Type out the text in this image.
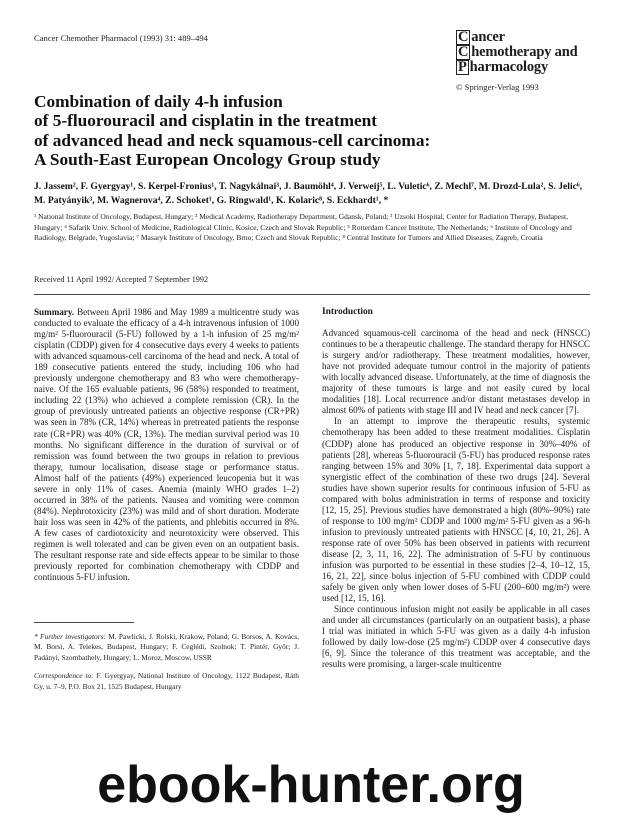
Cancer Chemother Pharmacol (1993) 31: 489–494	C ancer
C hemotherapy and
P harmacology
© Springer-Verlag 1993
Combination of daily 4-h infusion
of 5-fluorouracil and cisplatin in the treatment
of advanced head and neck squamous-cell carcinoma:
A South-East European Oncology Group study
J. Jassem², F. Gyergyay¹, S. Kerpel-Fronius¹, T. Nagykálnai³, J. Baumöhl⁴, J. Verweij⁵, L. Vuletic⁶, Z. Mechl⁷, M. Drozd-Lula², S. Jelic⁶, M. Patyányik³, M. Wagnerova⁴, Z. Schoket¹, G. Ringwald¹, K. Kolaric⁸, S. Eckhardt¹, *
¹ National Institute of Oncology, Budapest, Hungary; ² Medical Academy, Radiotherapy Department, Gdansk, Poland; ³ Uzsoki Hospital, Center for Radiation Therapy, Budapest, Hungary; ⁴ Safarik Univ. School of Medicine, Radiological Clinic, Kosice, Czech and Slovak Republic; ⁵ Rotterdam Cancer Institute, The Netherlands; ⁶ Institute of Oncology and Radiology, Belgrade, Yugoslavia; ⁷ Masaryk Institute of Oncology, Brno; Czech and Slovak Republic; ⁸ Central Institute for Tumors and Allied Diseases, Zagreb, Croatia
Received 11 April 1992/ Accepted 7 September 1992
Summary. Between April 1986 and May 1989 a multicentre study was conducted to evaluate the efficacy of a 4-h intravenous infusion of 1000 mg/m² 5-fluorouracil (5-FU) followed by a 1-h infusion of 25 mg/m² cisplatin (CDDP) given for 4 consecutive days every 4 weeks to patients with advanced squamous-cell carcinoma of the head and neck. A total of 189 consecutive patients entered the study, including 106 who had previously undergone chemotherapy and 83 who were chemotherapy-naive. Of the 165 evaluable patients, 96 (58%) responded to treatment, including 22 (13%) who achieved a complete remission (CR). In the group of previously untreated patients an objective response (CR+PR) was seen in 78% (CR, 14%) whereas in pretreated patients the response rate (CR+PR) was 40% (CR, 13%). The median survival period was 10 months. No significant difference in the duration of survival or of remission was found between the two groups in relation to previous therapy, tumour localisation, disease stage or performance status. Almost half of the patients (49%) experienced leucopenia but it was severe in only 11% of cases. Anemia (mainly WHO grades 1–2) occurred in 38% of the patients. Nausea and vomiting were common (84%). Nephrotoxicity (23%) was mild and of short duration. Moderate hair loss was seen in 42% of the patients, and phlebitis occurred in 8%. A few cases of cardiotoxicity and neurotoxicity were observed. This regimen is well tolerated and can be given even on an outpatient basis. The resultant response rate and side effects appear to be similar to those previously reported for combination chemotherapy with CDDP and continuous 5-FU infusion.

* Further investigators: M. Pawlicki, J. Rolski, Krakow, Poland; G. Borsos, A. Kovács, M. Borsi, A. Telekes, Budapest, Hungary; F. Ceglédi, Szolnok; T. Pintér, Győr; J. Padányi, Szombathely, Hungary; L. Moroz, Moscow, USSR

Correspondence to: F. Gyergyay, National Institute of Oncology, 1122 Budapest, Ráth Gy. u. 7–9, P.O. Box 21, 1525 Budapest, Hungary

Introduction
Advanced squamous-cell carcinoma of the head and neck (HNSCC) continues to be a therapeutic challenge. The standard therapy for HNSCC is surgery and/or radiotherapy. These treatment modalities, however, have not provided adequate tumour control in the majority of patients with locally advanced disease. Unfortunately, at the time of diagnosis the majority of these tumours is large and not easily cured by local modalities [18]. Local recurrence and/or distant metastases develop in almost 60% of patients with stage III and IV head and neck cancer [7].
In an attempt to improve the therapeutic results, systemic chemotherapy has been added to these treatment modalities. Cisplatin (CDDP) alone has produced an objective response in 30%–40% of patients [28], whereas 5-fluorouracil (5-FU) has produced response rates ranging between 15% and 30% [1, 7, 18]. Experimental data support a synergistic effect of the combination of these two drugs [24]. Several studies have shown superior results for continuous infusion of 5-FU as compared with bolus administration in terms of response and toxicity [12, 15, 25]. Previous studies have demonstrated a high (80%–90%) rate of response to 100 mg/m² CDDP and 1000 mg/m² 5-FU given as a 96-h infusion to previously untreated patients with HNSCC [4, 10, 21, 26]. A response rate of over 50% has been observed in patients with recurrent disease [2, 3, 11, 16, 22]. The administration of 5-FU by continuous infusion was purported to be essential in these studies [2–4, 10–12, 15, 16, 21, 22], since bolus injection of 5-FU combined with CDDP could safely be given only when lower doses of 5-FU (200–600 mg/m²) were used [12, 15, 16].
Since continuous infusion might not easily be applicable in all cases and under all circumstances (particularly on an outpatient basis), a phase I trial was initiated in which 5-FU was given as a daily 4-h infusion followed by daily low-dose (25 mg/m²) CDDP over 4 consecutive days [6, 9]. Since the tolerance of this treatment was acceptable, and the results were promising, a larger-scale multicentre
ebook-hunter.org
